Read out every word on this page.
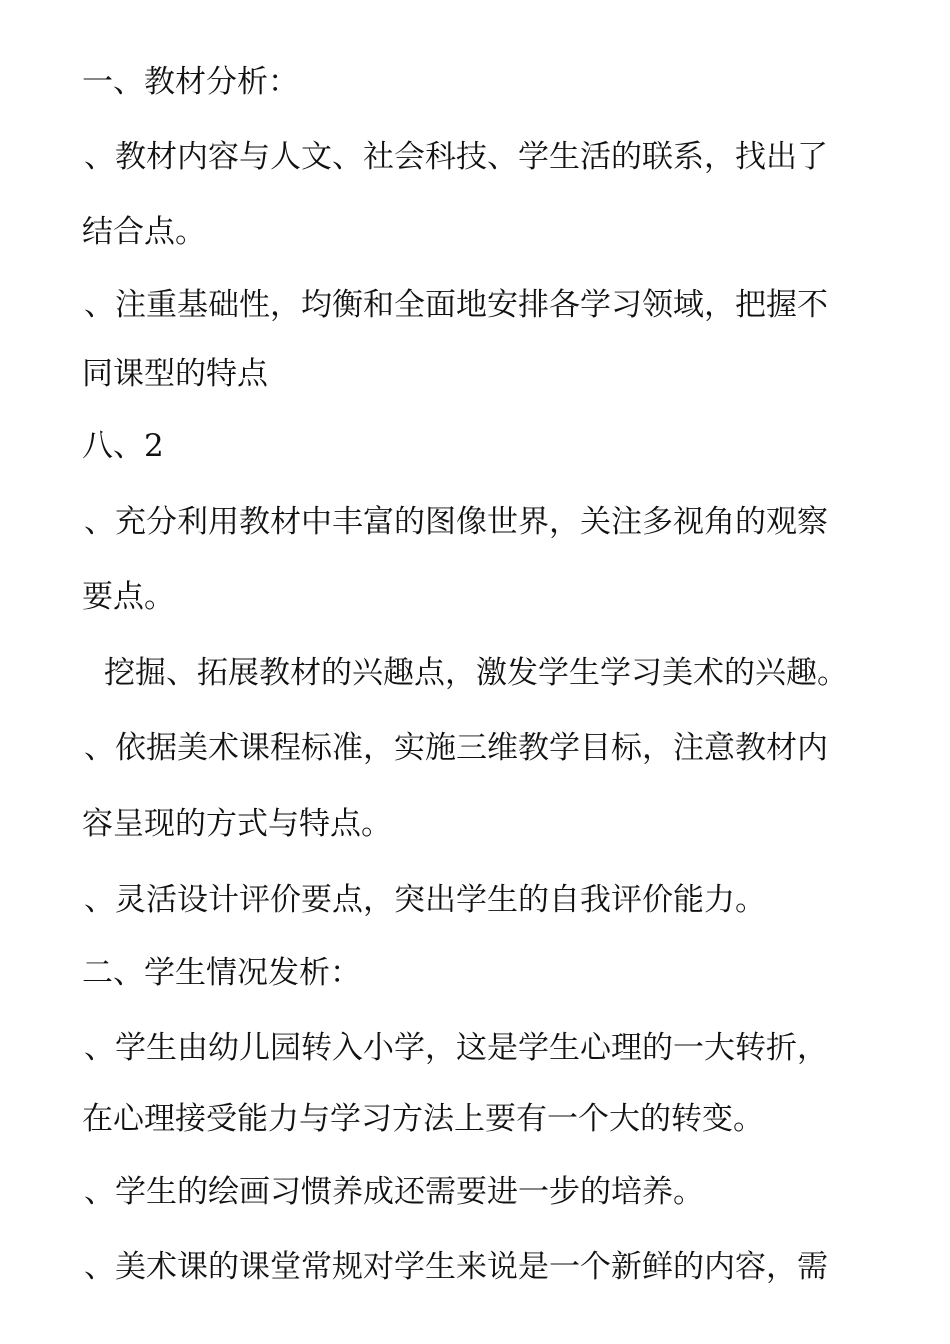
一、教材分析：
、教材内容与人文、社会科技、学生活的联系，找出了
结合点。
、注重基础性，均衡和全面地安排各学习领域，把握不
同课型的特点
八、2
、充分利用教材中丰富的图像世界，关注多视角的观察
要点。
挖掘、拓展教材的兴趣点，激发学生学习美术的兴趣。
、依据美术课程标准，实施三维教学目标，注意教材内
容呈现的方式与特点。
、灵活设计评价要点，突出学生的自我评价能力。
二、学生情况发析：
、学生由幼儿园转入小学，这是学生心理的一大转折，
在心理接受能力与学习方法上要有一个大的转变。
、学生的绘画习惯养成还需要进一步的培养。
、美术课的课堂常规对学生来说是一个新鲜的内容，需
